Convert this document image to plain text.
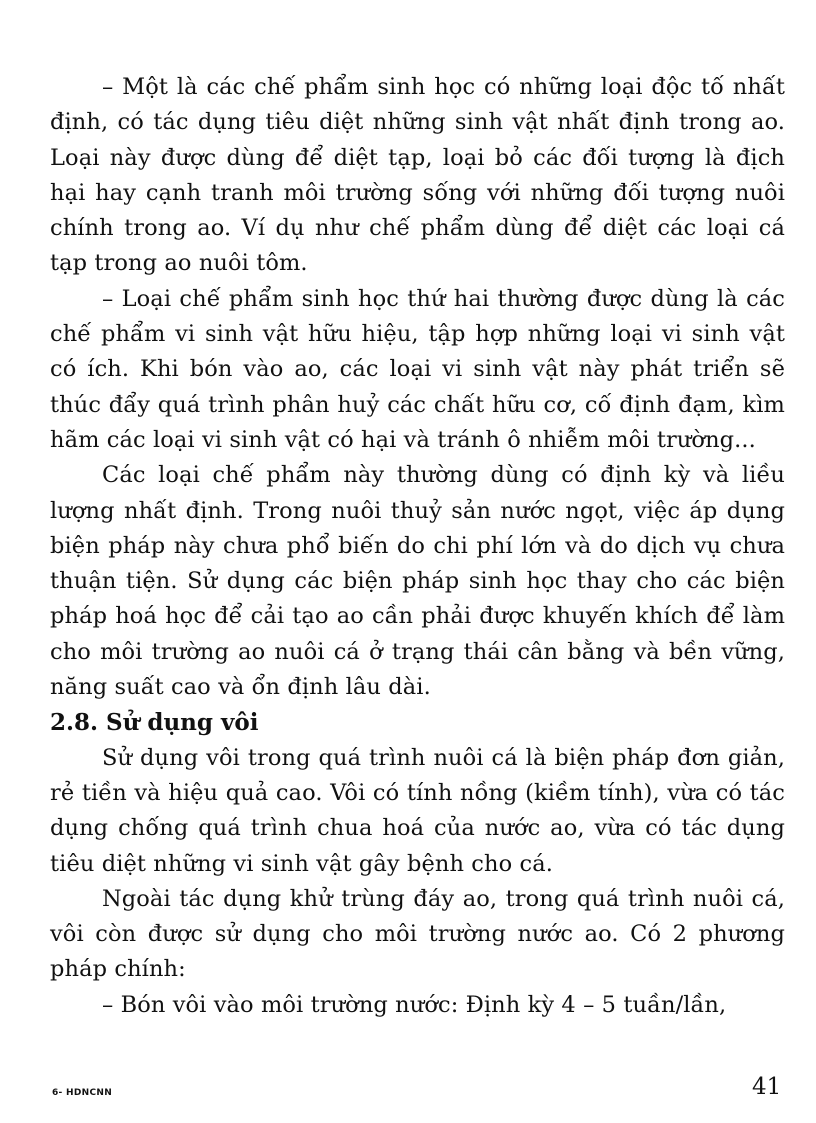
– Một là các chế phẩm sinh học có những loại độc tố nhất định, có tác dụng tiêu diệt những sinh vật nhất định trong ao. Loại này được dùng để diệt tạp, loại bỏ các đối tượng là địch hại hay cạnh tranh môi trường sống với những đối tượng nuôi chính trong ao. Ví dụ như chế phẩm dùng để diệt các loại cá tạp trong ao nuôi tôm.

– Loại chế phẩm sinh học thứ hai thường được dùng là các chế phẩm vi sinh vật hữu hiệu, tập hợp những loại vi sinh vật có ích. Khi bón vào ao, các loại vi sinh vật này phát triển sẽ thúc đẩy quá trình phân huỷ các chất hữu cơ, cố định đạm, kìm hãm các loại vi sinh vật có hại và tránh ô nhiễm môi trường...

Các loại chế phẩm này thường dùng có định kỳ và liều lượng nhất định. Trong nuôi thuỷ sản nước ngọt, việc áp dụng biện pháp này chưa phổ biến do chi phí lớn và do dịch vụ chưa thuận tiện. Sử dụng các biện pháp sinh học thay cho các biện pháp hoá học để cải tạo ao cần phải được khuyến khích để làm cho môi trường ao nuôi cá ở trạng thái cân bằng và bền vững, năng suất cao và ổn định lâu dài.

2.8. Sử dụng vôi

Sử dụng vôi trong quá trình nuôi cá là biện pháp đơn giản, rẻ tiền và hiệu quả cao. Vôi có tính nồng (kiềm tính), vừa có tác dụng chống quá trình chua hoá của nước ao, vừa có tác dụng tiêu diệt những vi sinh vật gây bệnh cho cá.

Ngoài tác dụng khử trùng đáy ao, trong quá trình nuôi cá, vôi còn được sử dụng cho môi trường nước ao. Có 2 phương pháp chính:

– Bón vôi vào môi trường nước: Định kỳ 4 – 5 tuần/lần,

6- HDNCNN	41
